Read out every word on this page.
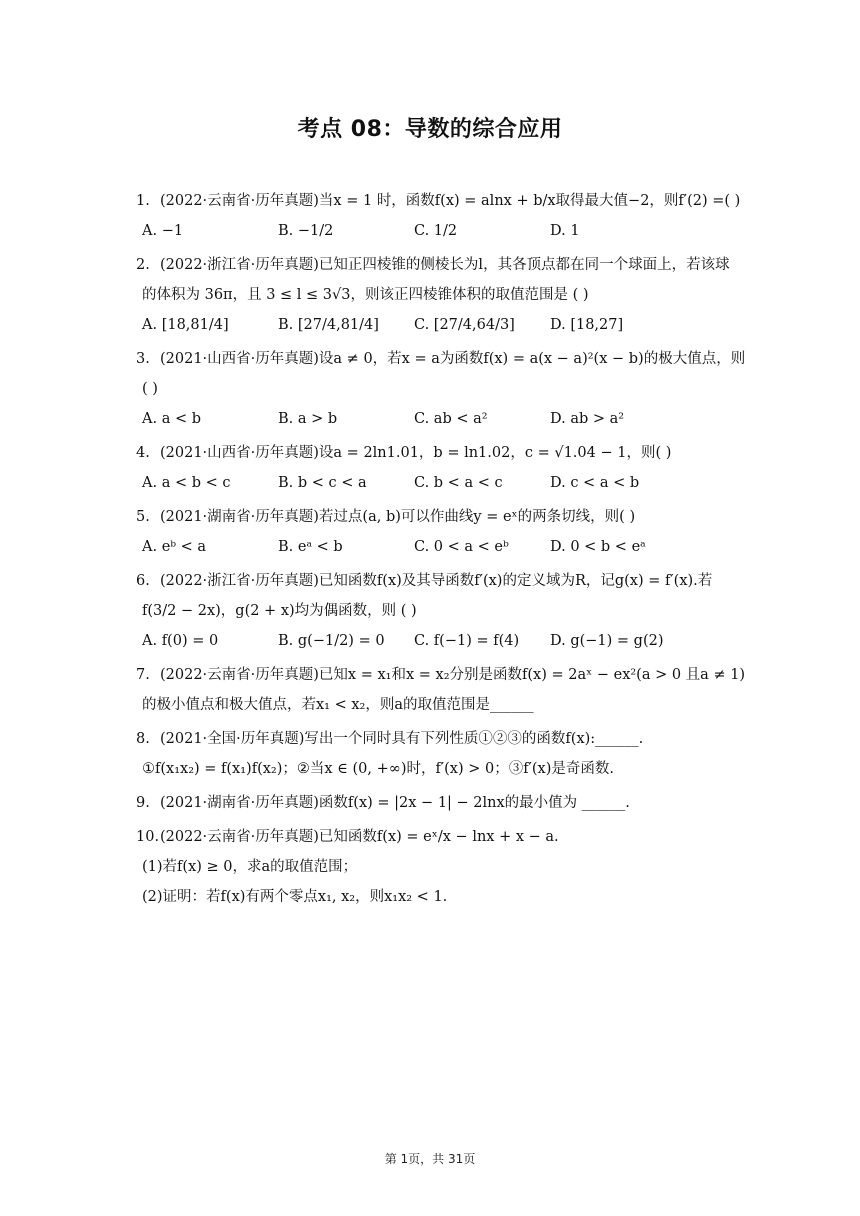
考点 08：导数的综合应用
1. (2022·云南省·历年真题)当x = 1 时，函数f(x) = alnx + b/x取得最大值−2，则f′(2) =( )
A. −1	B. −1/2	C. 1/2	D. 1
2. (2022·浙江省·历年真题)已知正四棱锥的侧棱长为l，其各顶点都在同一个球面上，若该球
的体积为 36π，且 3 ≤ l ≤ 3√3，则该正四棱锥体积的取值范围是 ( )
A. [18,81/4]	B. [27/4,81/4]	C. [27/4,64/3]	D. [18,27]
3. (2021·山西省·历年真题)设a ≠ 0，若x = a为函数f(x) = a(x − a)²(x − b)的极大值点，则
( )
A. a < b	B. a > b	C. ab < a²	D. ab > a²
4. (2021·山西省·历年真题)设a = 2ln1.01，b = ln1.02，c = √1.04 − 1，则( )
A. a < b < c	B. b < c < a	C. b < a < c	D. c < a < b
5. (2021·湖南省·历年真题)若过点(a, b)可以作曲线y = eˣ的两条切线，则( )
A. eᵇ < a	B. eᵃ < b	C. 0 < a < eᵇ	D. 0 < b < eᵃ
6. (2022·浙江省·历年真题)已知函数f(x)及其导函数f′(x)的定义域为R，记g(x) = f′(x).若
f(3/2 − 2x)，g(2 + x)均为偶函数，则 ( )
A. f(0) = 0	B. g(−1/2) = 0	C. f(−1) = f(4)	D. g(−1) = g(2)
7. (2022·云南省·历年真题)已知x = x₁和x = x₂分别是函数f(x) = 2aˣ − ex²(a > 0 且a ≠ 1)
的极小值点和极大值点，若x₁ < x₂，则a的取值范围是______
8. (2021·全国·历年真题)写出一个同时具有下列性质①②③的函数f(x):______.
①f(x₁x₂) = f(x₁)f(x₂)；②当x ∈ (0, +∞)时，f′(x) > 0；③f′(x)是奇函数.
9. (2021·湖南省·历年真题)函数f(x) = |2x − 1| − 2lnx的最小值为 ______.
10.(2022·云南省·历年真题)已知函数f(x) = eˣ/x − lnx + x − a.
(1)若f(x) ≥ 0，求a的取值范围；
(2)证明：若f(x)有两个零点x₁, x₂，则x₁x₂ < 1.
第 1页，共 31页
